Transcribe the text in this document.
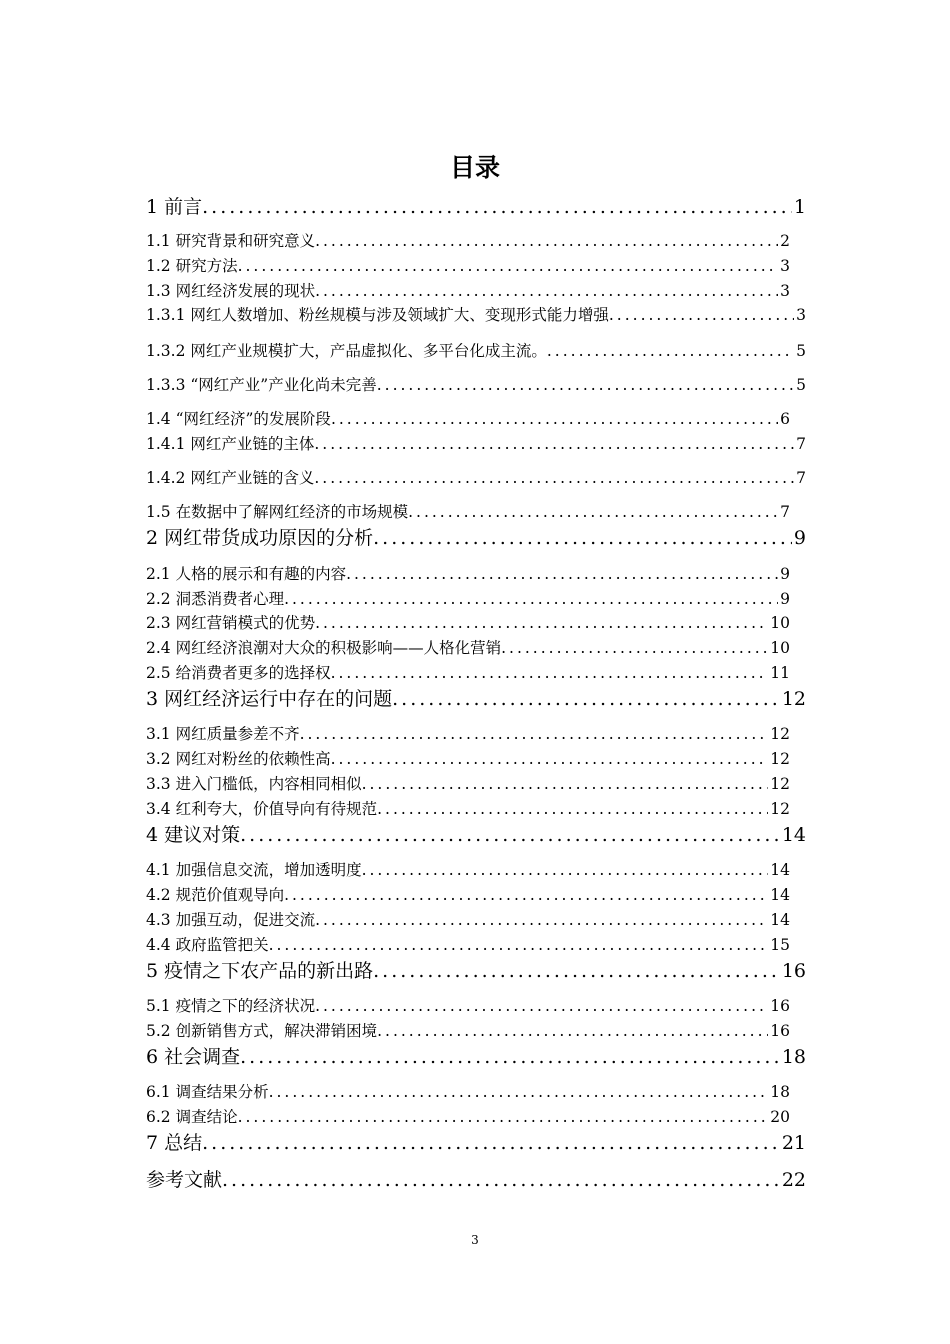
目录
1 前言 .....	1
1.1 研究背景和研究意义 .....	2
1.2 研究方法 .....	3
1.3 网红经济发展的现状 .....	3
1.3.1 网红人数增加、粉丝规模与涉及领域扩大、变现形式能力增强 .....	3
1.3.2 网红产业规模扩大，产品虚拟化、多平台化成主流。 .....	5
1.3.3 “网红产业”产业化尚未完善 .....	5
1.4 “网红经济”的发展阶段 .....	6
1.4.1 网红产业链的主体 .....	7
1.4.2 网红产业链的含义 .....	7
1.5 在数据中了解网红经济的市场规模 .....	7
2 网红带货成功原因的分析 .....	9
2.1 人格的展示和有趣的内容 .....	9
2.2 洞悉消费者心理 .....	9
2.3 网红营销模式的优势 .....	10
2.4 网红经济浪潮对大众的积极影响——人格化营销 .....	10
2.5 给消费者更多的选择权 .....	11
3 网红经济运行中存在的问题 .....	12
3.1 网红质量参差不齐 .....	12
3.2 网红对粉丝的依赖性高 .....	12
3.3 进入门槛低，内容相同相似 .....	12
3.4 红利夸大，价值导向有待规范 .....	12
4 建议对策 .....	14
4.1 加强信息交流，增加透明度 .....	14
4.2 规范价值观导向 .....	14
4.3 加强互动，促进交流 .....	14
4.4 政府监管把关 .....	15
5 疫情之下农产品的新出路 .....	16
5.1 疫情之下的经济状况 .....	16
5.2 创新销售方式，解决滞销困境 .....	16
6 社会调查 .....	18
6.1 调查结果分析 .....	18
6.2 调查结论 .....	20
7 总结 .....	21
参考文献 .....	22
3
